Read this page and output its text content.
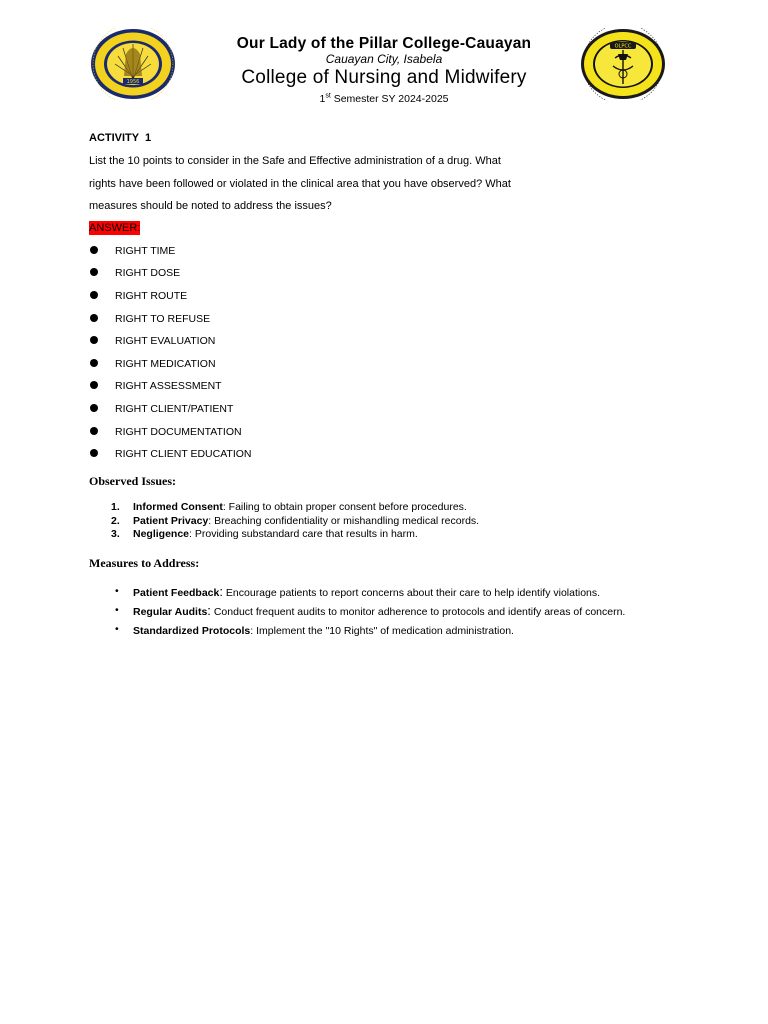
1956
OLPCC
Our Lady of the Pillar College-Cauayan
Cauayan City, Isabela
College of Nursing and Midwifery
1st Semester SY 2024-2025
ACTIVITY  1
List the 10 points to consider in the Safe and Effective administration of a drug. What
rights have been followed or violated in the clinical area that you have observed? What
measures should be noted to address the issues?
ANSWER:
RIGHT TIME
RIGHT DOSE
RIGHT ROUTE
RIGHT TO REFUSE
RIGHT EVALUATION
RIGHT MEDICATION
RIGHT ASSESSMENT
RIGHT CLIENT/PATIENT
RIGHT DOCUMENTATION
RIGHT CLIENT EDUCATION
Observed Issues:
1. Informed Consent: Failing to obtain proper consent before procedures.
2. Patient Privacy: Breaching confidentiality or mishandling medical records.
3. Negligence: Providing substandard care that results in harm.
Measures to Address:
• Patient Feedback: Encourage patients to report concerns about their care to help identify violations.
• Regular Audits: Conduct frequent audits to monitor adherence to protocols and identify areas of concern.
• Standardized Protocols: Implement the "10 Rights" of medication administration.
